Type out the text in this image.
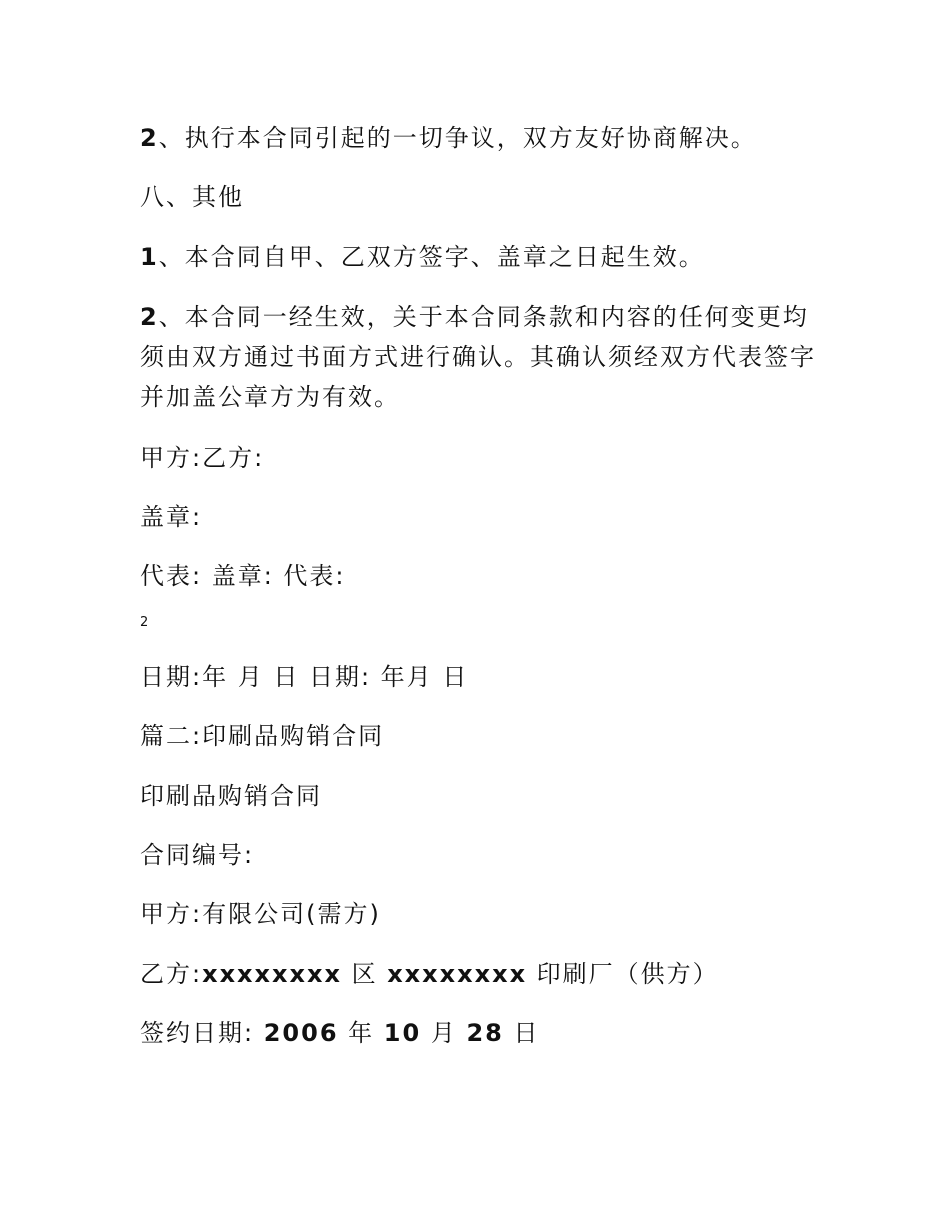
2、执行本合同引起的一切争议，双方友好协商解决。
八、其他
1、本合同自甲、乙双方签字、盖章之日起生效。
2、本合同一经生效，关于本合同条款和内容的任何变更均须由双方通过书面方式进行确认。其确认须经双方代表签字并加盖公章方为有效。
甲方:乙方:
盖章:
代表: 盖章: 代表:
2
日期:年 月 日 日期: 年月 日
篇二:印刷品购销合同
印刷品购销合同
合同编号:
甲方:有限公司(需方)
乙方:xxxxxxxx 区 xxxxxxxx 印刷厂（供方）
签约日期: 2006 年 10 月 28 日
